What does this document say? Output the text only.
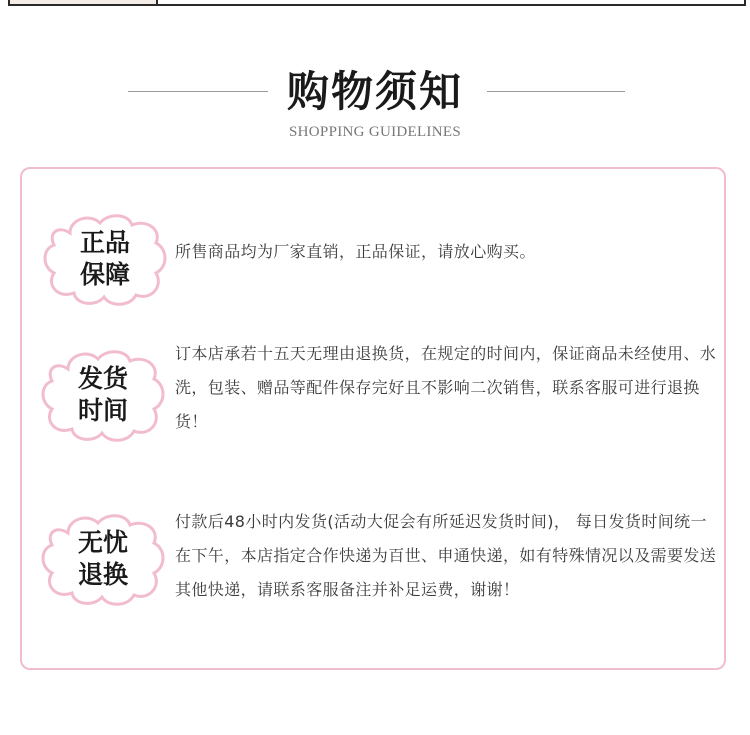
购物须知
SHOPPING GUIDELINES
正品
保障
所售商品均为厂家直销，正品保证，请放心购买。
发货
时间
订本店承若十五天无理由退换货，在规定的时间内，保证商品未经使用、水洗，包装、赠品等配件保存完好且不影响二次销售，联系客服可进行退换货！
无忧
退换
付款后48小时内发货(活动大促会有所延迟发货时间)， 每日发货时间统一在下午，本店指定合作快递为百世、申通快递，如有特殊情况以及需要发送其他快递，请联系客服备注并补足运费，谢谢！
